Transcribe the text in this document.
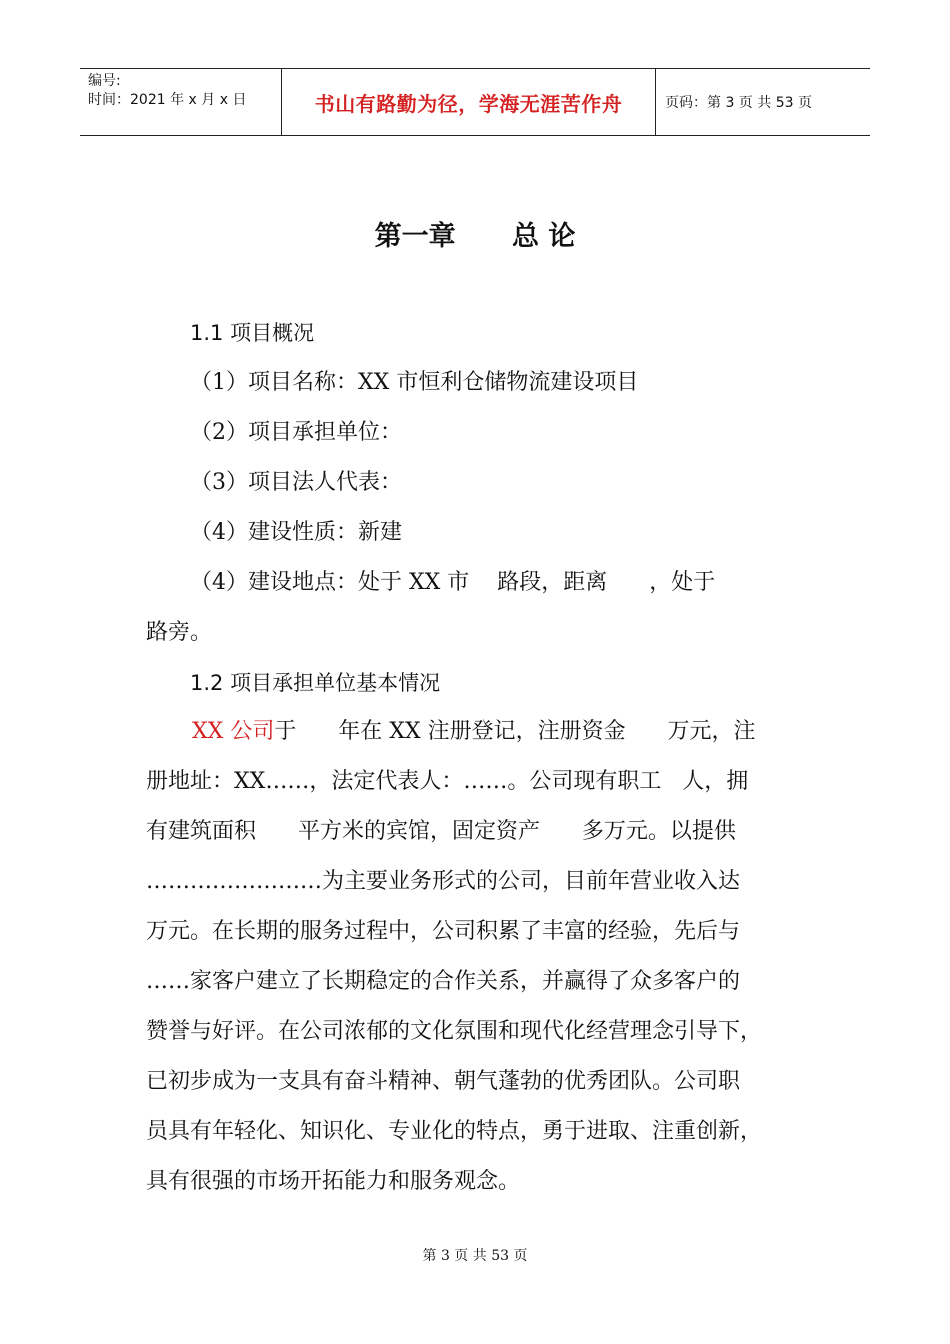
编号:
时间：2021 年 x 月 x 日	书山有路勤为径，学海无涯苦作舟	页码：第 3 页 共 53 页
第一章      总 论
1.1 项目概况
（1）项目名称：XX 市恒利仓储物流建设项目
（2）项目承担单位：
（3）项目法人代表：
（4）建设性质：新建
（4）建设地点：处于 XX 市    路段，距离      ，处于
路旁。
1.2 项目承担单位基本情况
XX 公司于      年在 XX 注册登记，注册资金      万元，注
册地址：XX……，法定代表人：……。公司现有职工   人，拥
有建筑面积      平方米的宾馆，固定资产      多万元。以提供
……………………为主要业务形式的公司，目前年营业收入达
万元。在长期的服务过程中，公司积累了丰富的经验，先后与
……家客户建立了长期稳定的合作关系，并赢得了众多客户的
赞誉与好评。在公司浓郁的文化氛围和现代化经营理念引导下，
已初步成为一支具有奋斗精神、朝气蓬勃的优秀团队。公司职
员具有年轻化、知识化、专业化的特点，勇于进取、注重创新，
具有很强的市场开拓能力和服务观念。
第 3 页 共 53 页
